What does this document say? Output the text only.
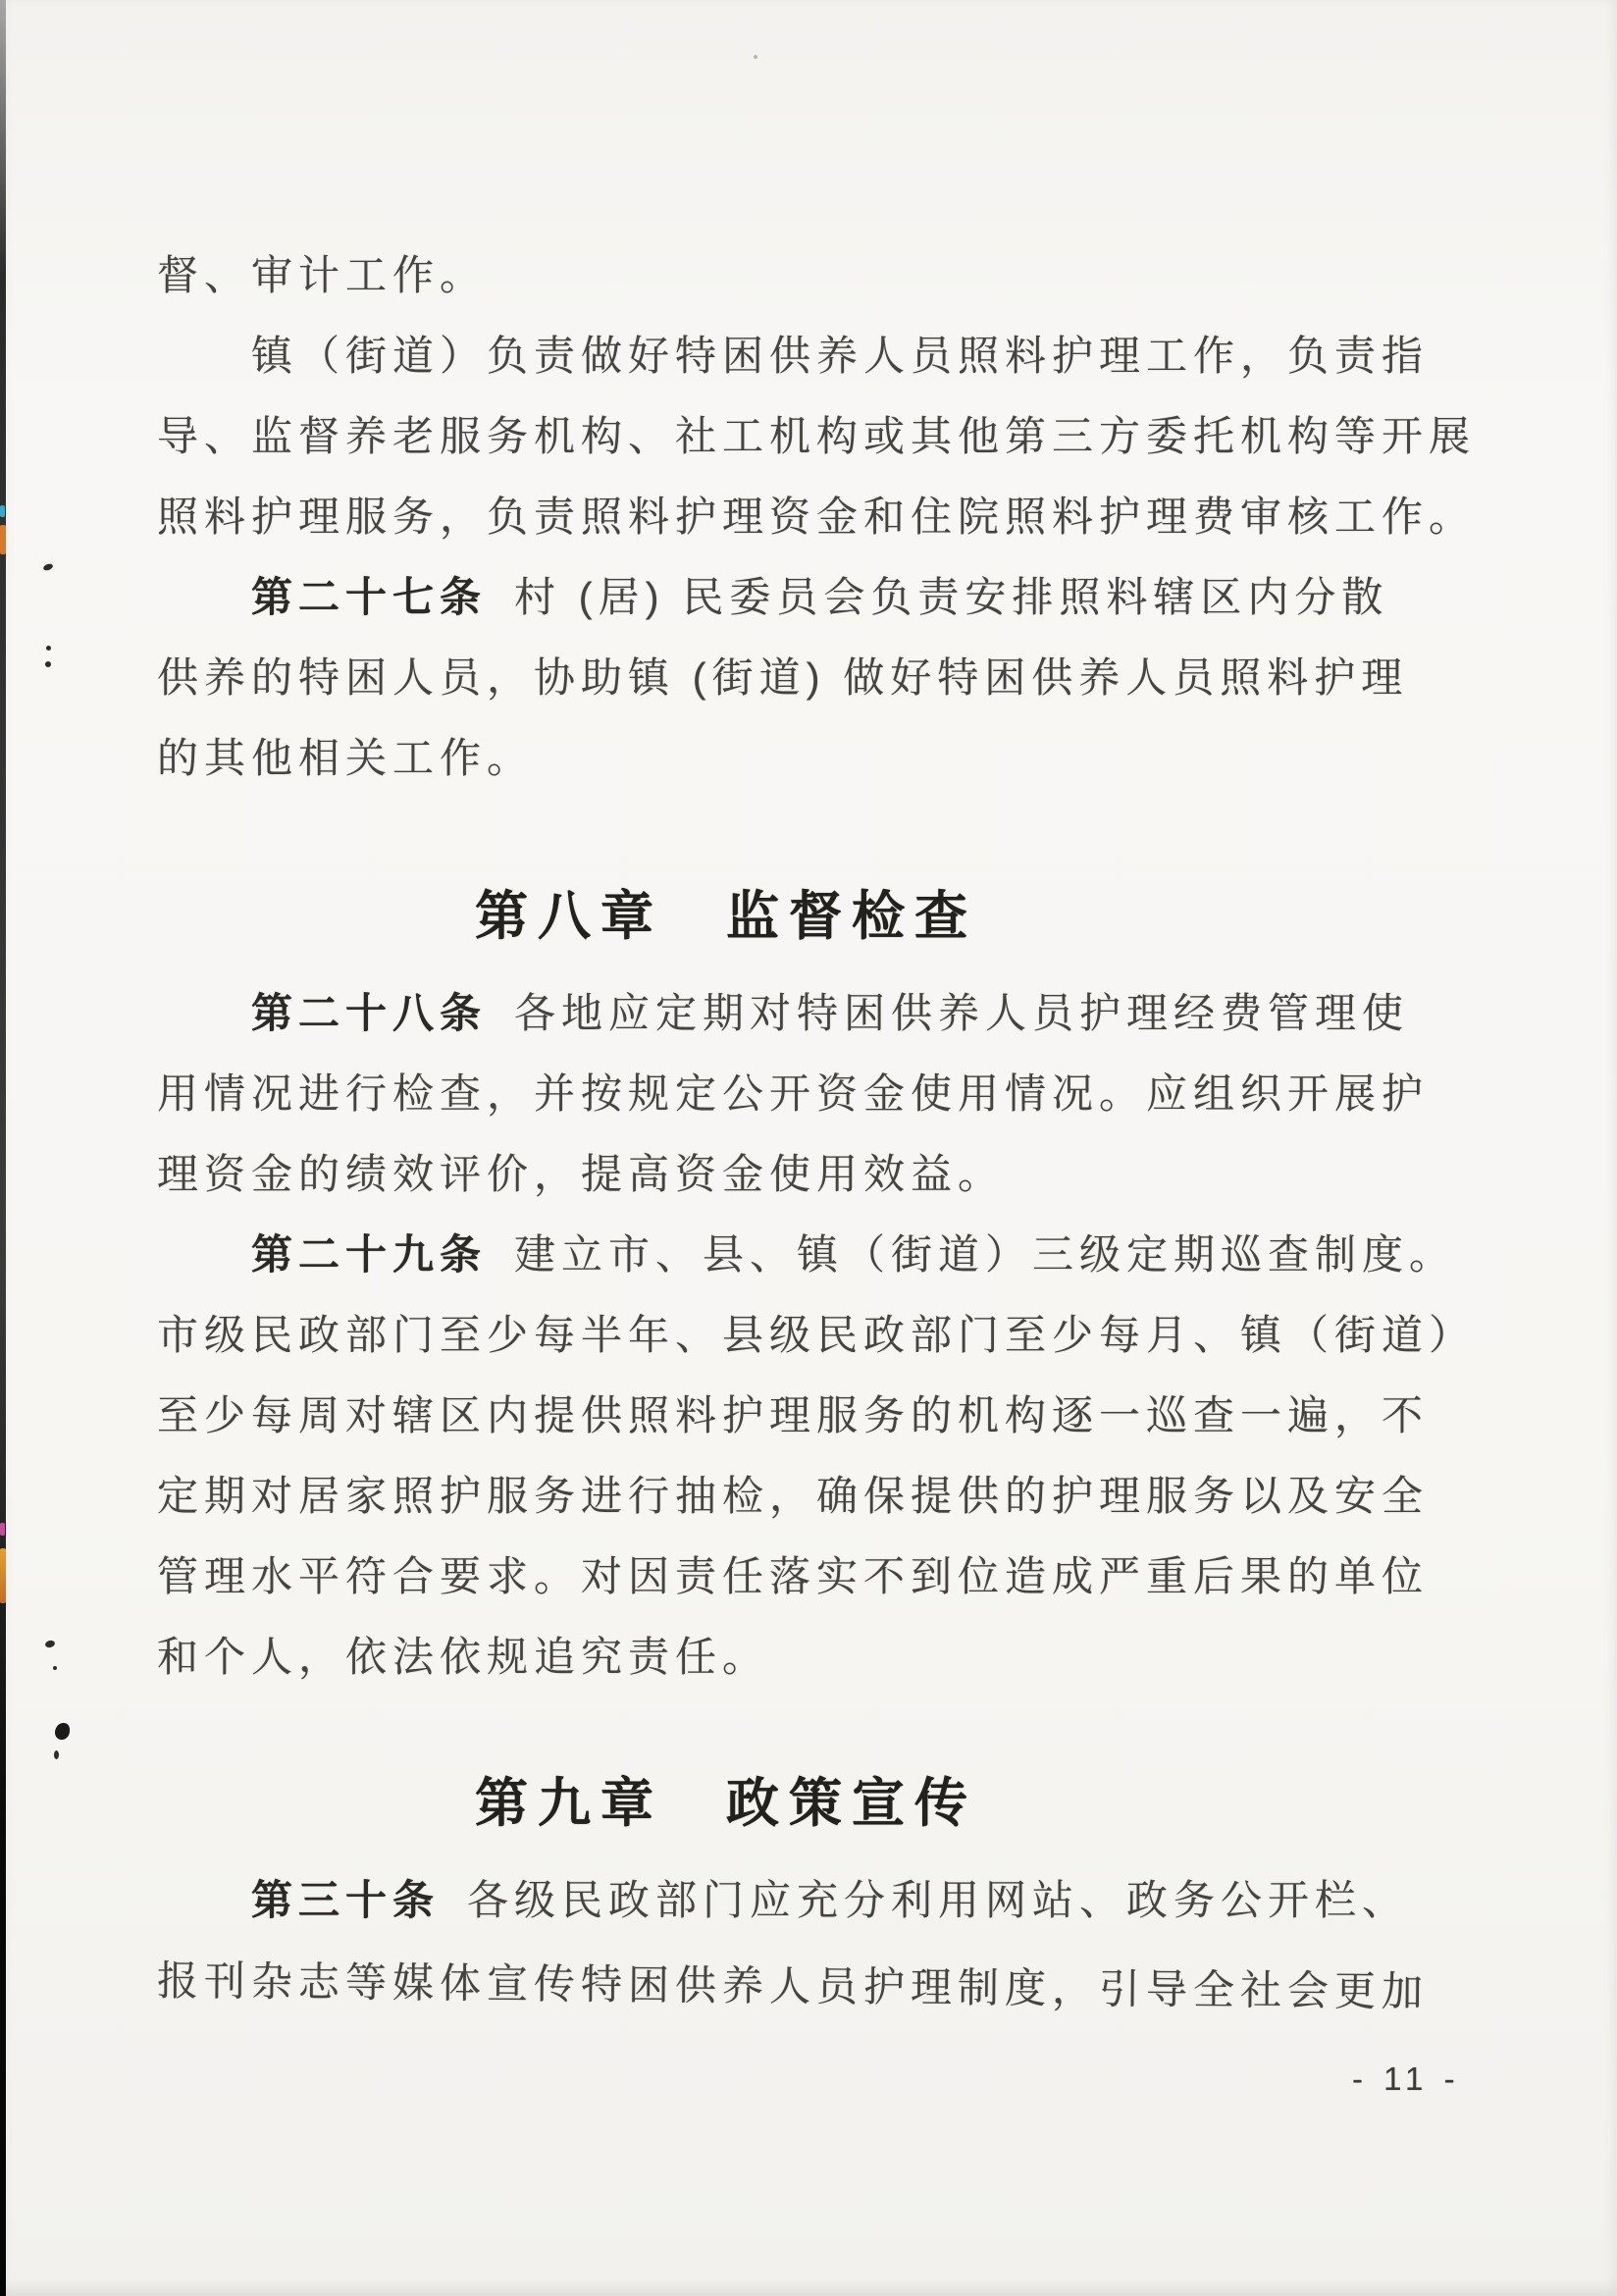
督、审计工作。

镇（街道）负责做好特困供养人员照料护理工作，负责指

导、监督养老服务机构、社工机构或其他第三方委托机构等开展

照料护理服务，负责照料护理资金和住院照料护理费审核工作。

第二十七条 村 (居) 民委员会负责安排照料辖区内分散

供养的特困人员，协助镇 (街道) 做好特困供养人员照料护理

的其他相关工作。

第八章　监督检查

第二十八条 各地应定期对特困供养人员护理经费管理使

用情况进行检查，并按规定公开资金使用情况。应组织开展护

理资金的绩效评价，提高资金使用效益。

第二十九条 建立市、县、镇（街道）三级定期巡查制度。

市级民政部门至少每半年、县级民政部门至少每月、镇（街道）

至少每周对辖区内提供照料护理服务的机构逐一巡查一遍，不

定期对居家照护服务进行抽检，确保提供的护理服务以及安全

管理水平符合要求。对因责任落实不到位造成严重后果的单位

和个人，依法依规追究责任。

第九章　政策宣传

第三十条 各级民政部门应充分利用网站、政务公开栏、

报刊杂志等媒体宣传特困供养人员护理制度，引导全社会更加

- 11 -
